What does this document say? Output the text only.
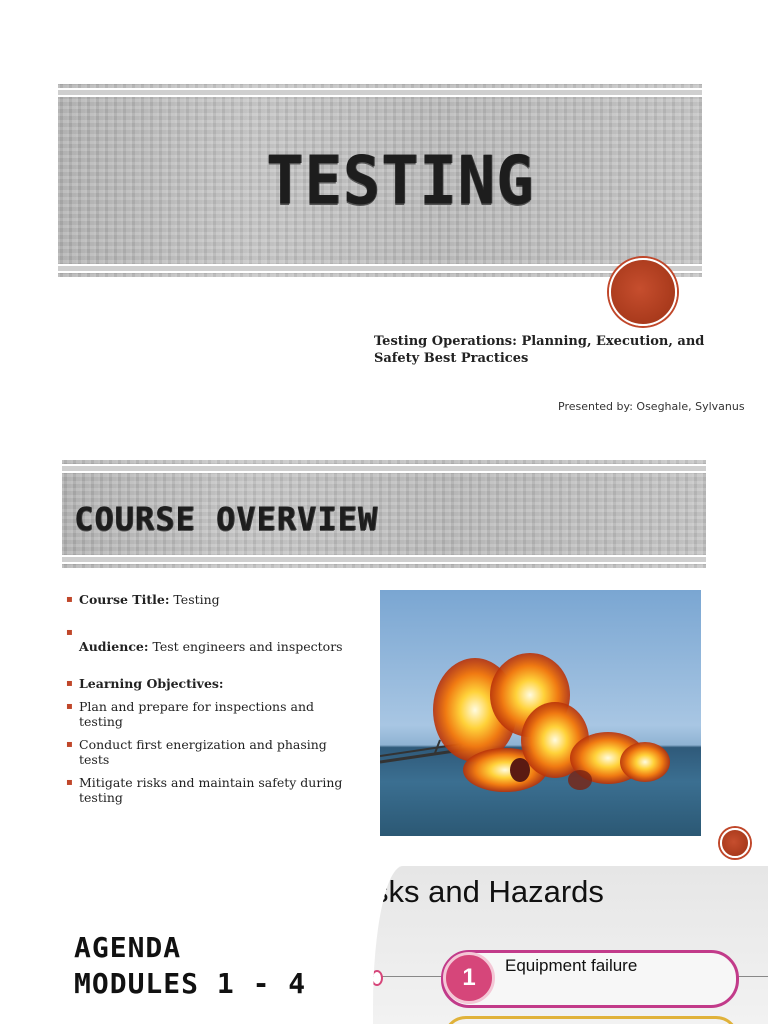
TESTING
Testing Operations: Planning, Execution, and Safety Best Practices
Presented by: Oseghale, Sylvanus
COURSE OVERVIEW
▪ Course Title: Testing
▪ Audience: Test engineers and inspectors
▪ Learning Objectives:
▪ Plan and prepare for inspections and testing
▪ Conduct first energization and phasing tests
▪ Mitigate risks and maintain safety during testing
AGENDA
MODULES 1 - 4
sks and Hazards
1 Equipment failure
